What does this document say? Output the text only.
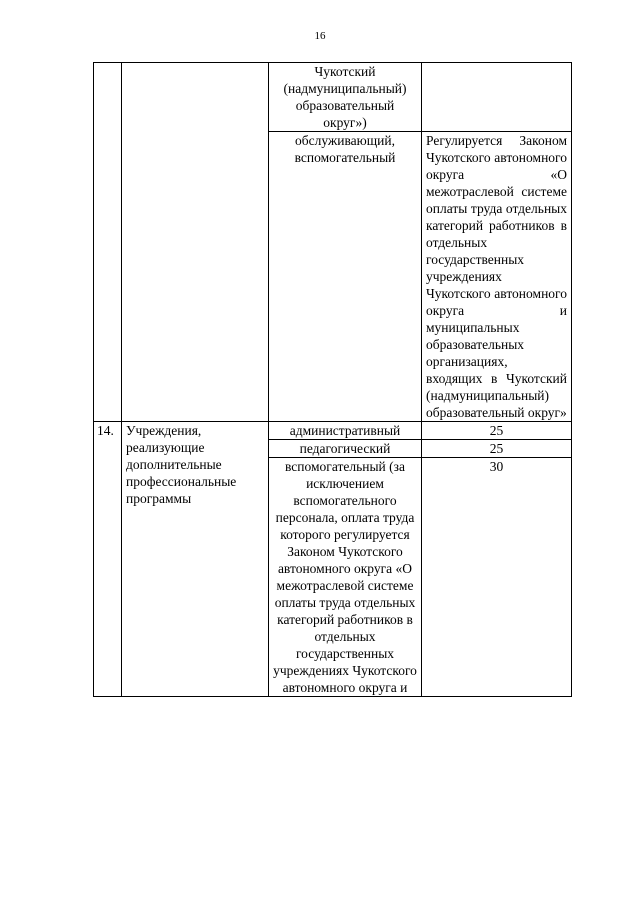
16
		Чукотский (надмуниципальный) образовательный округ»)	
		обслуживающий, вспомогательный	Регулируется Законом Чукотского автономного округа «О межотраслевой системе оплаты труда отдельных категорий работников в отдельных государственных учреждениях Чукотского автономного округа и муниципальных образовательных организациях, входящих в Чукотский (надмуниципальный) образовательный округ»
14.	Учреждения, реализующие дополнительные профессиональные программы	административный	25
		педагогический	25
		вспомогательный (за исключением вспомогательного персонала, оплата труда которого регулируется Законом Чукотского автономного округа «О межотраслевой системе оплаты труда отдельных категорий работников в отдельных государственных учреждениях Чукотского автономного округа и	30
